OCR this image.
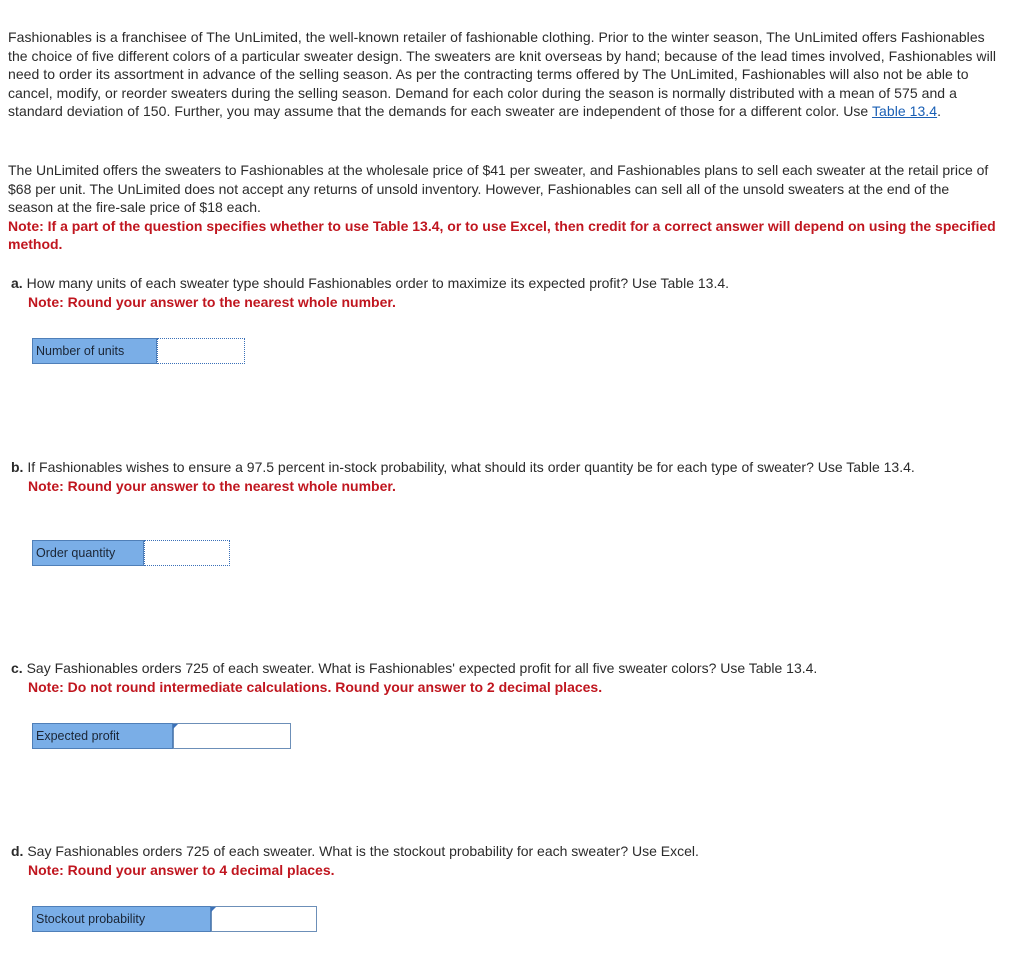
Fashionables is a franchisee of The UnLimited, the well-known retailer of fashionable clothing. Prior to the winter season, The UnLimited offers Fashionables the choice of five different colors of a particular sweater design. The sweaters are knit overseas by hand; because of the lead times involved, Fashionables will need to order its assortment in advance of the selling season. As per the contracting terms offered by The UnLimited, Fashionables will also not be able to cancel, modify, or reorder sweaters during the selling season. Demand for each color during the season is normally distributed with a mean of 575 and a standard deviation of 150. Further, you may assume that the demands for each sweater are independent of those for a different color. Use Table 13.4.
The UnLimited offers the sweaters to Fashionables at the wholesale price of $41 per sweater, and Fashionables plans to sell each sweater at the retail price of $68 per unit. The UnLimited does not accept any returns of unsold inventory. However, Fashionables can sell all of the unsold sweaters at the end of the season at the fire-sale price of $18 each.
Note: If a part of the question specifies whether to use Table 13.4, or to use Excel, then credit for a correct answer will depend on using the specified method.
a. How many units of each sweater type should Fashionables order to maximize its expected profit? Use Table 13.4.
Note: Round your answer to the nearest whole number.
Number of units
b. If Fashionables wishes to ensure a 97.5 percent in-stock probability, what should its order quantity be for each type of sweater? Use Table 13.4.
Note: Round your answer to the nearest whole number.
Order quantity
c. Say Fashionables orders 725 of each sweater. What is Fashionables' expected profit for all five sweater colors? Use Table 13.4.
Note: Do not round intermediate calculations. Round your answer to 2 decimal places.
Expected profit
d. Say Fashionables orders 725 of each sweater. What is the stockout probability for each sweater? Use Excel.
Note: Round your answer to 4 decimal places.
Stockout probability
